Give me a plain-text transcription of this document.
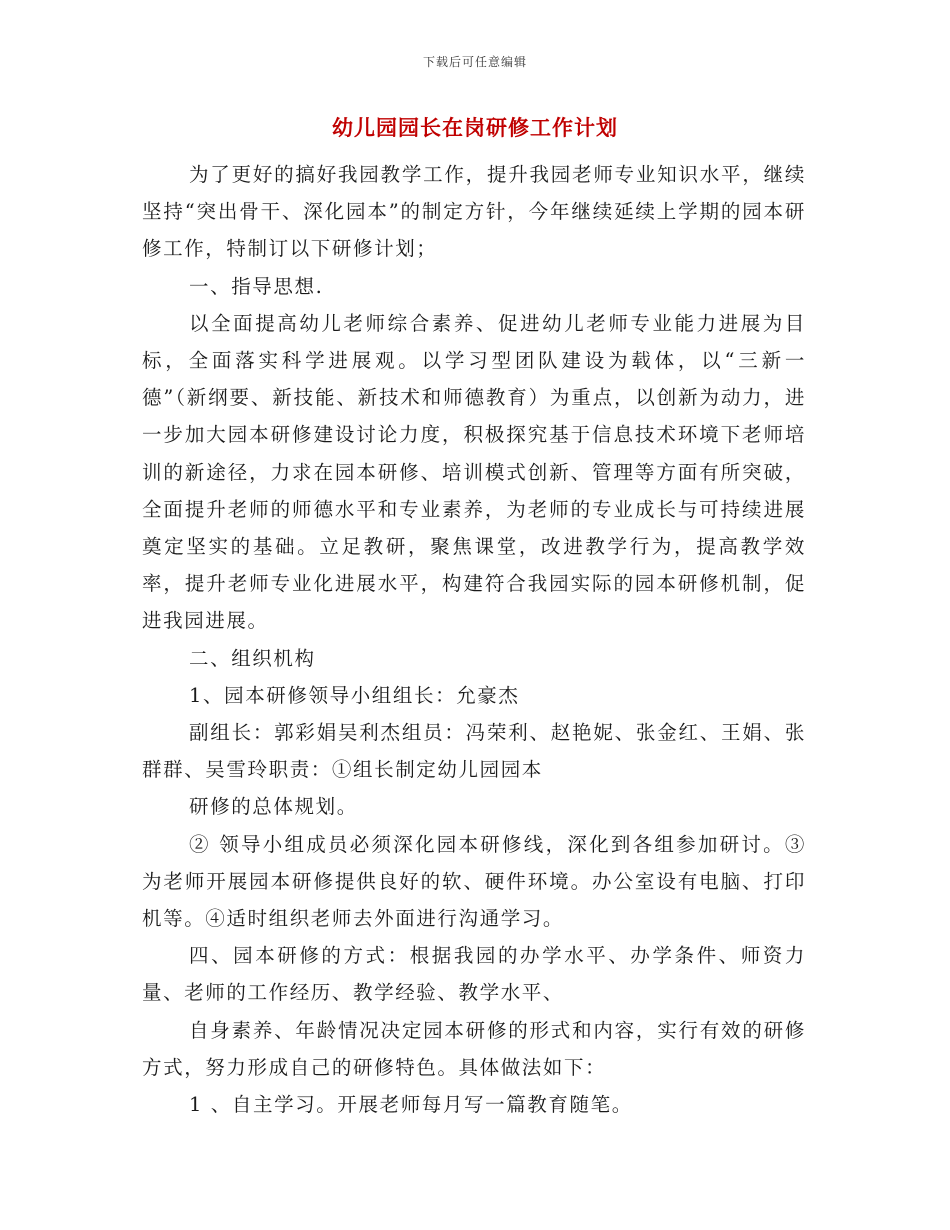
下载后可任意编辑
幼儿园园长在岗研修工作计划

为了更好的搞好我园教学工作，提升我园老师专业知识水平，继续坚持“突出骨干、深化园本”的制定方针，今年继续延续上学期的园本研修工作，特制订以下研修计划；

一、指导思想.

以全面提高幼儿老师综合素养、促进幼儿老师专业能力进展为目标，全面落实科学进展观。以学习型团队建设为载体，以“三新一德”（新纲要、新技能、新技术和师德教育）为重点，以创新为动力，进一步加大园本研修建设讨论力度，积极探究基于信息技术环境下老师培训的新途径，力求在园本研修、培训模式创新、管理等方面有所突破，全面提升老师的师德水平和专业素养，为老师的专业成长与可持续进展奠定坚实的基础。立足教研，聚焦课堂，改进教学行为，提高教学效率，提升老师专业化进展水平，构建符合我园实际的园本研修机制，促进我园进展。

二、组织机构

1、园本研修领导小组组长：允豪杰

副组长：郭彩娟吴利杰组员：冯荣利、赵艳妮、张金红、王娟、张群群、吴雪玲职责：①组长制定幼儿园园本

研修的总体规划。

② 领导小组成员必须深化园本研修线，深化到各组参加研讨。③为老师开展园本研修提供良好的软、硬件环境。办公室设有电脑、打印机等。④适时组织老师去外面进行沟通学习。

四、园本研修的方式：根据我园的办学水平、办学条件、师资力量、老师的工作经历、教学经验、教学水平、

自身素养、年龄情况决定园本研修的形式和内容，实行有效的研修方式，努力形成自己的研修特色。具体做法如下：

1 、自主学习。开展老师每月写一篇教育随笔。
